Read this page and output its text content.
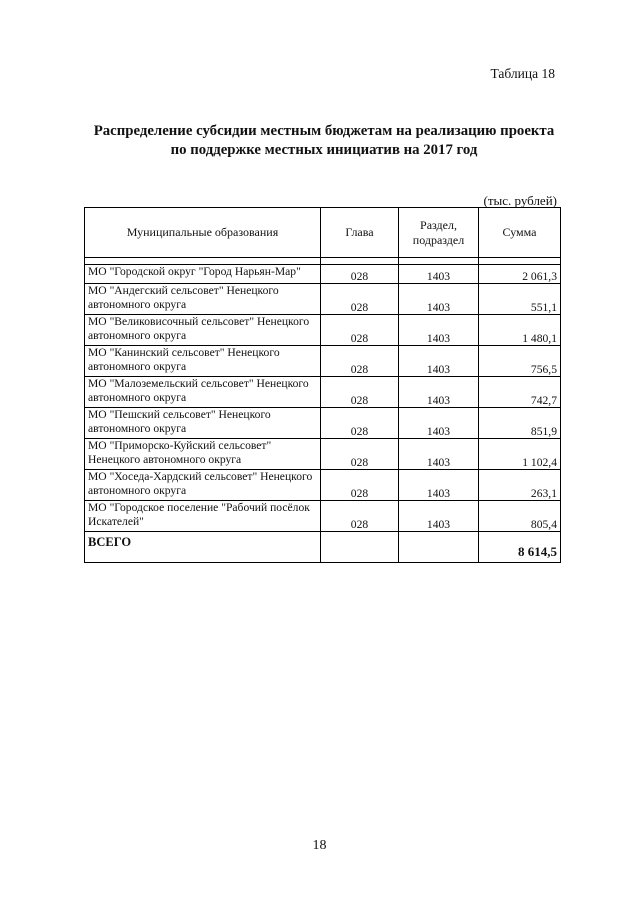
Таблица 18
Распределение субсидии местным бюджетам на реализацию проекта
по поддержке местных инициатив на 2017 год
(тыс. рублей)
Муниципальные образования	Глава	Раздел, подраздел	Сумма

МО "Городской округ "Город Нарьян-Мар"	028	1403	2 061,3
МО "Андегский сельсовет" Ненецкого автономного округа	028	1403	551,1
МО "Великовисочный сельсовет" Ненецкого автономного округа	028	1403	1 480,1
МО "Канинский сельсовет" Ненецкого автономного округа	028	1403	756,5
МО "Малоземельский сельсовет" Ненецкого автономного округа	028	1403	742,7
МО "Пешский сельсовет" Ненецкого автономного округа	028	1403	851,9
МО "Приморско-Куйский сельсовет" Ненецкого автономного округа	028	1403	1 102,4
МО "Хоседа-Хардский сельсовет" Ненецкого автономного округа	028	1403	263,1
МО "Городское поселение "Рабочий посёлок Искателей"	028	1403	805,4
ВСЕГО			8 614,5
18
